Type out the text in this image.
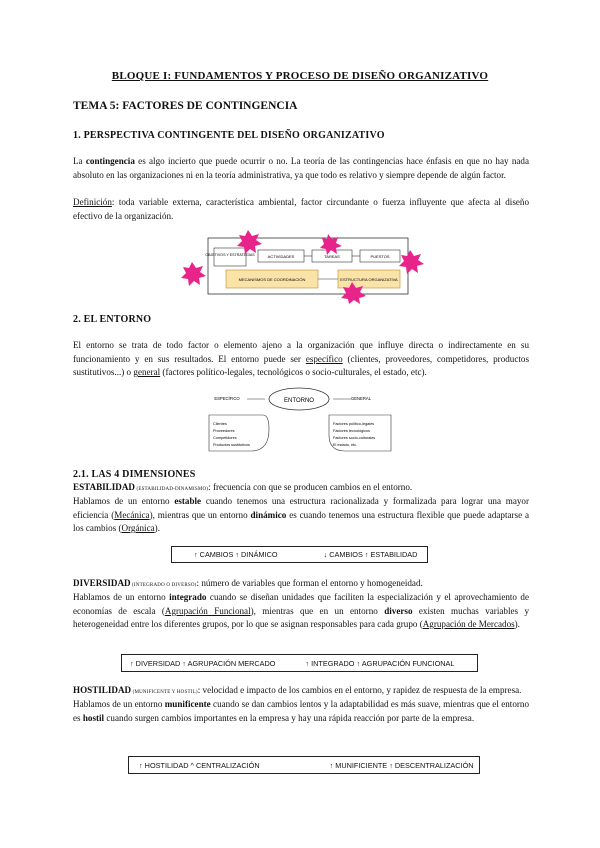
BLOQUE I: FUNDAMENTOS Y PROCESO DE DISEÑO ORGANIZATIVO
TEMA 5: FACTORES DE CONTINGENCIA
1. PERSPECTIVA CONTINGENTE DEL DISEÑO ORGANIZATIVO
La contingencia es algo incierto que puede ocurrir o no. La teoría de las contingencias hace énfasis en que no hay nada absoluto en las organizaciones ni en la teoría administrativa, ya que todo es relativo y siempre depende de algún factor.
Definición: toda variable externa, característica ambiental, factor circundante o fuerza influyente que afecta al diseño efectivo de la organización.
OBJETIVOS Y ESTRATEGIAS	ACTIVIDADES	TAREAS	PUESTOS
MECANISMOS DE COORDINACIÓN	ESTRUCTURA ORGANIZATIVA
2. EL ENTORNO
El entorno se trata de todo factor o elemento ajeno a la organización que influye directa o indirectamente en su funcionamiento y en sus resultados. El entorno puede ser específico (clientes, proveedores, competidores, productos sustitutivos...) o general (factores político-legales, tecnológicos o socio-culturales, el estado, etc).
ESPECÍFICO	ENTORNO	GENERAL
Clientes
Proveedores
Competidores
Productos sustitutivos
Factores político-legales
Factores tecnológicos
Factores socio-culturales
El estado, etc.
2.1. LAS 4 DIMENSIONES
ESTABILIDAD (ESTABILIDAD-DINAMISMO): frecuencia con que se producen cambios en el entorno.
Hablamos de un entorno estable cuando tenemos una estructura racionalizada y formalizada para lograr una mayor eficiencia (Mecánica), mientras que un entorno dinámico es cuando tenemos una estructura flexible que puede adaptarse a los cambios (Orgánica).
↑ CAMBIOS ↑ DINÁMICO	↓ CAMBIOS ↑ ESTABILIDAD
DIVERSIDAD (INTEGRADO O DIVERSO): número de variables que forman el entorno y homogeneidad.
Hablamos de un entorno integrado cuando se diseñan unidades que faciliten la especialización y el aprovechamiento de economías de escala (Agrupación Funcional), mientras que en un entorno diverso existen muchas variables y heterogeneidad entre los diferentes grupos, por lo que se asignan responsables para cada grupo (Agrupación de Mercados).
↑ DIVERSIDAD ↑ AGRUPACIÓN MERCADO	↑ INTEGRADO ↑ AGRUPACIÓN FUNCIONAL
HOSTILIDAD (MUNIFICENTE Y HOSTIL): velocidad e impacto de los cambios en el entorno, y rapidez de respuesta de la empresa.
Hablamos de un entorno munificente cuando se dan cambios lentos y la adaptabilidad es más suave, mientras que el entorno es hostil cuando surgen cambios importantes en la empresa y hay una rápida reacción por parte de la empresa.
↑ HOSTILIDAD ^ CENTRALIZACIÓN	↑ MUNIFICIENTE ↑ DESCENTRALIZACIÓN
